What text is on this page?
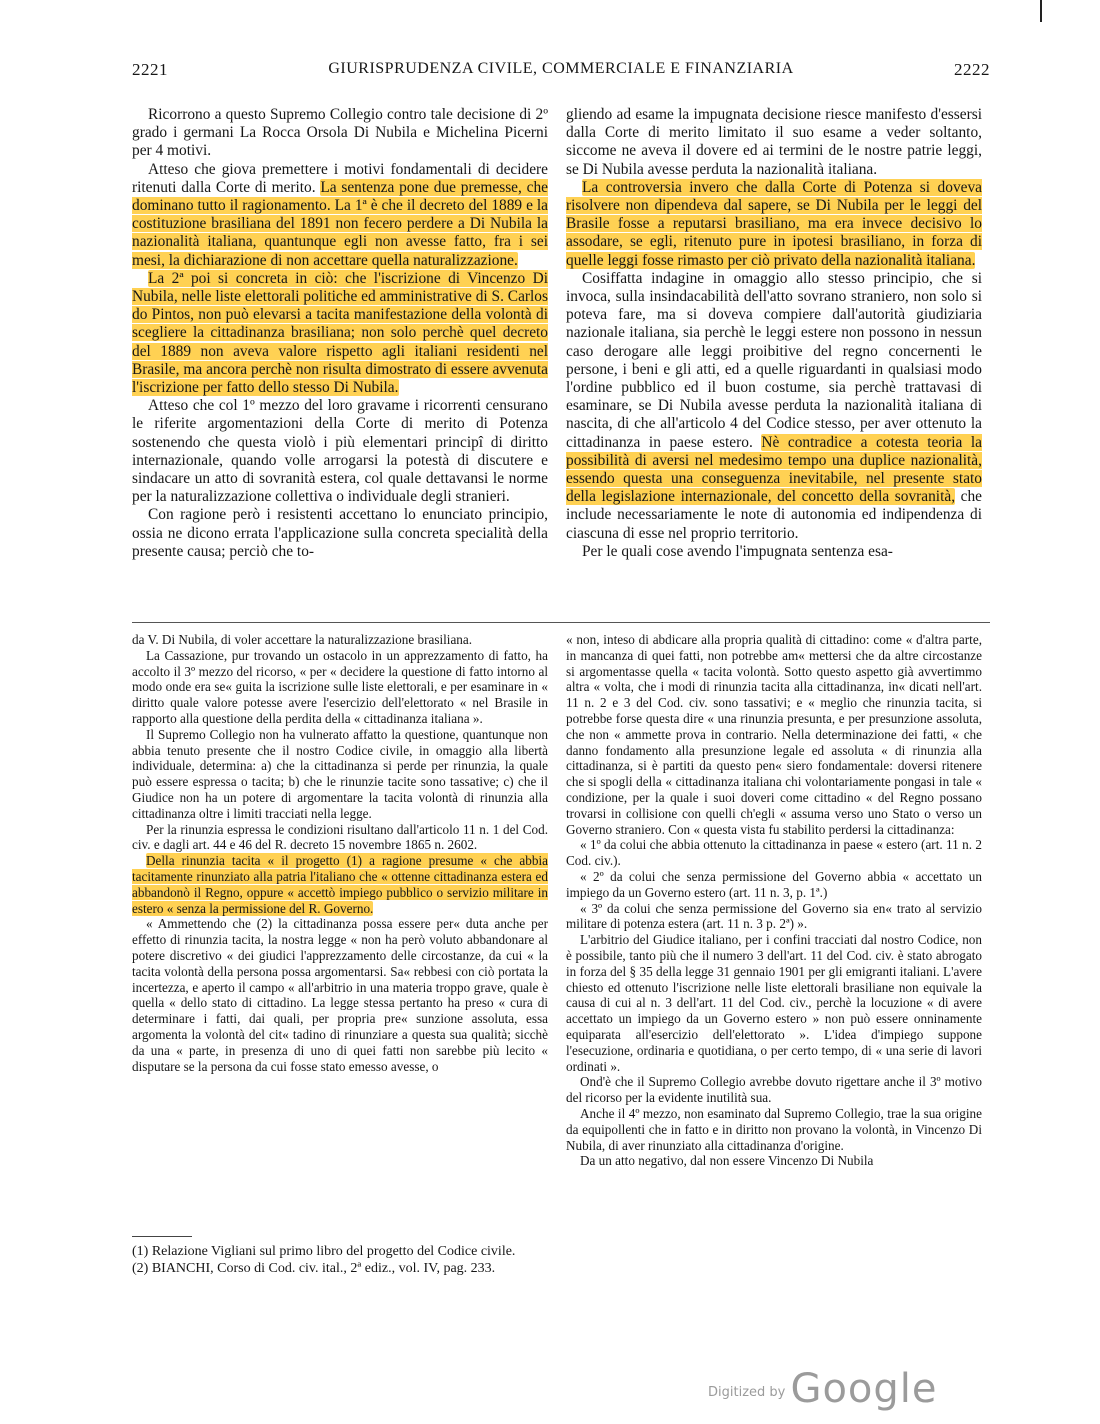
2221	GIURISPRUDENZA CIVILE, COMMERCIALE E FINANZIARIA	2222

Ricorrono a questo Supremo Collegio contro tale decisione di 2º grado i germani La Rocca Orsola Di Nubila e Michelina Picerni per 4 motivi.

Atteso che giova premettere i motivi fondamentali di decidere ritenuti dalla Corte di merito. La sentenza pone due premesse, che dominano tutto il ragionamento. La 1ª è che il decreto del 1889 e la costituzione brasiliana del 1891 non fecero perdere a Di Nubila la nazionalità italiana, quantunque egli non avesse fatto, fra i sei mesi, la dichiarazione di non accettare quella naturalizzazione.

La 2ª poi si concreta in ciò: che l'iscrizione di Vincenzo Di Nubila, nelle liste elettorali politiche ed amministrative di S. Carlos do Pintos, non può elevarsi a tacita manifestazione della volontà di scegliere la cittadinanza brasiliana; non solo perchè quel decreto del 1889 non aveva valore rispetto agli italiani residenti nel Brasile, ma ancora perchè non risulta dimostrato di essere avvenuta l'iscrizione per fatto dello stesso Di Nubila.

Atteso che col 1º mezzo del loro gravame i ricorrenti censurano le riferite argomentazioni della Corte di merito di Potenza sostenendo che questa violò i più elementari principî di diritto internazionale, quando volle arrogarsi la potestà di discutere e sindacare un atto di sovranità estera, col quale dettavansi le norme per la naturalizzazione collettiva o individuale degli stranieri.

Con ragione però i resistenti accettano lo enunciato principio, ossia ne dicono errata l'applicazione sulla concreta specialità della presente causa; perciò che to-

gliendo ad esame la impugnata decisione riesce manifesto d'essersi dalla Corte di merito limitato il suo esame a veder soltanto, siccome ne aveva il dovere ed ai termini de le nostre patrie leggi, se Di Nubila avesse perduta la nazionalità italiana.

La controversia invero che dalla Corte di Potenza si doveva risolvere non dipendeva dal sapere, se Di Nubila per le leggi del Brasile fosse a reputarsi brasiliano, ma era invece decisivo lo assodare, se egli, ritenuto pure in ipotesi brasiliano, in forza di quelle leggi fosse rimasto per ciò privato della nazionalità italiana.

Cosiffatta indagine in omaggio allo stesso principio, che si invoca, sulla insindacabilità dell'atto sovrano straniero, non solo si poteva fare, ma si doveva compiere dall'autorità giudiziaria nazionale italiana, sia perchè le leggi estere non possono in nessun caso derogare alle leggi proibitive del regno concernenti le persone, i beni e gli atti, ed a quelle riguardanti in qualsiasi modo l'ordine pubblico ed il buon costume, sia perchè trattavasi di esaminare, se Di Nubila avesse perduta la nazionalità italiana di nascita, di che all'articolo 4 del Codice stesso, per aver ottenuto la cittadinanza in paese estero. Nè contradice a cotesta teoria la possibilità di aversi nel medesimo tempo una duplice nazionalità, essendo questa una conseguenza inevitabile, nel presente stato della legislazione internazionale, del concetto della sovranità, che include necessariamente le note di autonomia ed indipendenza di ciascuna di esse nel proprio territorio.

Per le quali cose avendo l'impugnata sentenza esa-

da V. Di Nubila, di voler accettare la naturalizzazione brasiliana.

La Cassazione, pur trovando un ostacolo in un apprezzamento di fatto, ha accolto il 3º mezzo del ricorso, « per « decidere la questione di fatto intorno al modo onde era se« guita la iscrizione sulle liste elettorali, e per esaminare in « diritto quale valore potesse avere l'esercizio dell'elettorato « nel Brasile in rapporto alla questione della perdita della « cittadinanza italiana ».

Il Supremo Collegio non ha vulnerato affatto la questione, quantunque non abbia tenuto presente che il nostro Codice civile, in omaggio alla libertà individuale, determina: a) che la cittadinanza si perde per rinunzia, la quale può essere espressa o tacita; b) che le rinunzie tacite sono tassative; c) che il Giudice non ha un potere di argomentare la tacita volontà di rinunzia alla cittadinanza oltre i limiti tracciati nella legge.

Per la rinunzia espressa le condizioni risultano dall'articolo 11 n. 1 del Cod. civ. e dagli art. 44 e 46 del R. decreto 15 novembre 1865 n. 2602.

Della rinunzia tacita « il progetto (1) a ragione presume « che abbia tacitamente rinunziato alla patria l'italiano che « ottenne cittadinanza estera ed abbandonò il Regno, oppure « accettò impiego pubblico o servizio militare in estero « senza la permissione del R. Governo.

« Ammettendo che (2) la cittadinanza possa essere per« duta anche per effetto di rinunzia tacita, la nostra legge « non ha però voluto abbandonare al potere discretivo « dei giudici l'apprezzamento delle circostanze, da cui « la tacita volontà della persona possa argomentarsi. Sa« rebbesi con ciò portata la incertezza, e aperto il campo « all'arbitrio in una materia troppo grave, quale è quella « dello stato di cittadino. La legge stessa pertanto ha preso « cura di determinare i fatti, dai quali, per propria pre« sunzione assoluta, essa argomenta la volontà del cit« tadino di rinunziare a questa sua qualità; sicchè da una « parte, in presenza di uno di quei fatti non sarebbe più lecito « disputare se la persona da cui fosse stato emesso avesse, o

« non, inteso di abdicare alla propria qualità di cittadino: come « d'altra parte, in mancanza di quei fatti, non potrebbe am« mettersi che da altre circostanze si argomentasse quella « tacita volontà. Sotto questo aspetto già avvertimmo altra « volta, che i modi di rinunzia tacita alla cittadinanza, in« dicati nell'art. 11 n. 2 e 3 del Cod. civ. sono tassativi; e « meglio che rinunzia tacita, si potrebbe forse questa dire « una rinunzia presunta, e per presunzione assoluta, che non « ammette prova in contrario. Nella determinazione dei fatti, « che danno fondamento alla presunzione legale ed assoluta « di rinunzia alla cittadinanza, si è partiti da questo pen« siero fondamentale: doversi ritenere che si spogli della « cittadinanza italiana chi volontariamente pongasi in tale « condizione, per la quale i suoi doveri come cittadino « del Regno possano trovarsi in collisione con quelli ch'egli « assuma verso uno Stato o verso un Governo straniero. Con « questa vista fu stabilito perdersi la cittadinanza:

« 1º da colui che abbia ottenuto la cittadinanza in paese « estero (art. 11 n. 2 Cod. civ.).

« 2º da colui che senza permissione del Governo abbia « accettato un impiego da un Governo estero (art. 11 n. 3, p. 1ª.)

« 3º da colui che senza permissione del Governo sia en« trato al servizio militare di potenza estera (art. 11 n. 3 p. 2ª) ».

L'arbitrio del Giudice italiano, per i confini tracciati dal nostro Codice, non è possibile, tanto più che il numero 3 dell'art. 11 del Cod. civ. è stato abrogato in forza del § 35 della legge 31 gennaio 1901 per gli emigranti italiani. L'avere chiesto ed ottenuto l'iscrizione nelle liste elettorali brasiliane non equivale la causa di cui al n. 3 dell'art. 11 del Cod. civ., perchè la locuzione « di avere accettato un impiego da un Governo estero » non può essere onninamente equiparata all'esercizio dell'elettorato ». L'idea d'impiego suppone l'esecuzione, ordinaria e quotidiana, o per certo tempo, di « una serie di lavori ordinati ».

Ond'è che il Supremo Collegio avrebbe dovuto rigettare anche il 3º motivo del ricorso per la evidente inutilità sua.

Anche il 4º mezzo, non esaminato dal Supremo Collegio, trae la sua origine da equipollenti che in fatto e in diritto non provano la volontà, in Vincenzo Di Nubila, di aver rinunziato alla cittadinanza d'origine.

Da un atto negativo, dal non essere Vincenzo Di Nubila

(1) Relazione Vigliani sul primo libro del progetto del Codice civile.

(2) BIANCHI, Corso di Cod. civ. ital., 2ª ediz., vol. IV, pag. 233.

$^{Digitized by}$ Google
